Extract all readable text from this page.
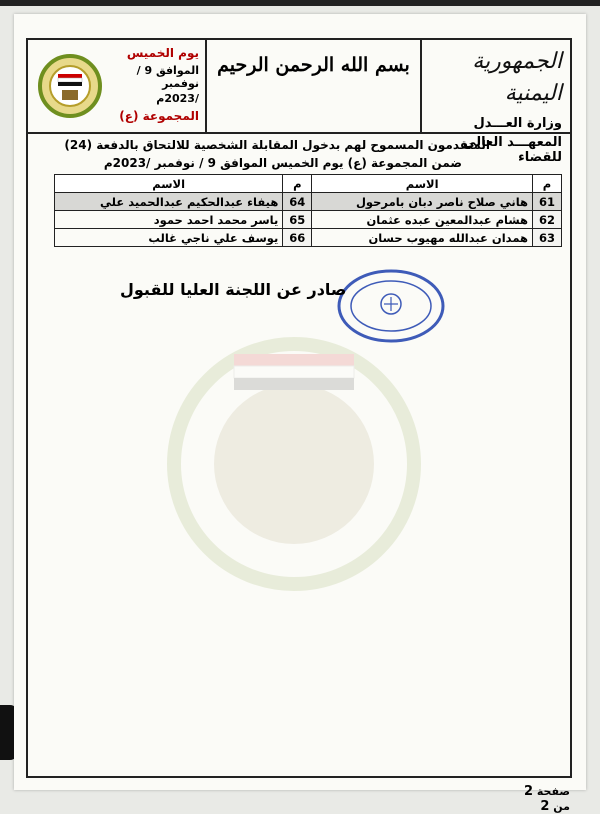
الجمهورية اليمنية
وزارة العـــدل
المعهـــد العالي للقضاء
بسم الله الرحمن الرحيم
يوم الخميس
الموافق 9 / نوفمبر
/2023م
المجموعة (ع)
المتقدمون المسموح لهم بدخول المقابلة الشخصية للالتحاق بالدفعة (24)
ضمن المجموعة (ع) يوم الخميس الموافق 9 / نوفمبر /2023م
م	الاسم	م	الاسم
61	هاني صلاح ناصر دبان بامرحول	64	هيفاء عبدالحكيم عبدالحميد علي
62	هشام عبدالمعين عبده عثمان	65	ياسر محمد احمد حمود
63	همدان عبدالله مهيوب حسان	66	يوسف علي ناجي غالب
صادر عن اللجنة العليا للقبول
صفحة 2 من 2
